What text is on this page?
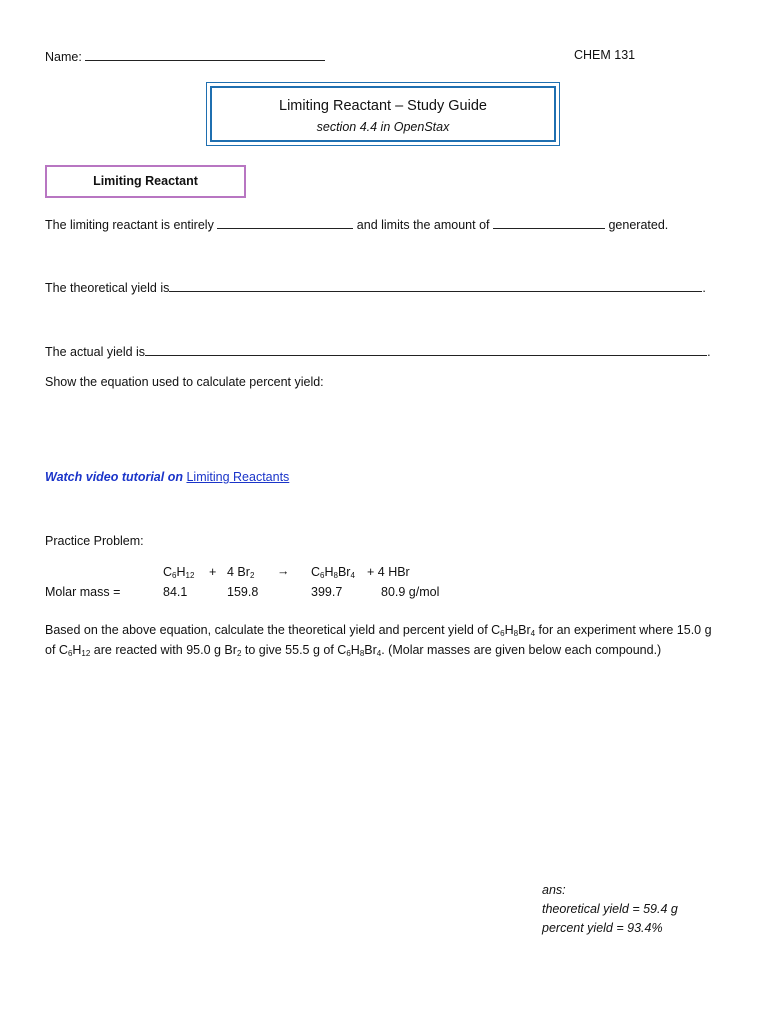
Name:	CHEM 131
Limiting Reactant – Study Guide
section 4.4 in OpenStax
Limiting Reactant
The limiting reactant is entirely	and limits the amount of	generated.
The theoretical yield is	.
The actual yield is	.
Show the equation used to calculate percent yield:
Watch video tutorial on Limiting Reactants
Practice Problem:
$C_6H_{12} + 4$ $Br_2 \to C_6H_8Br_4 + 4$ HBr
Molar mass =	84.1	159.8	399.7	80.9 g/mol
Based on the above equation, calculate the theoretical yield and percent yield of $C_6H_8Br_4$ for an experiment where 15.0 g of $C_6H_{12}$ are reacted with 95.0 g $Br_2$ to give 55.5 g of $C_6H_8Br_4$. (Molar masses are given below each compound.)
ans:
theoretical yield = 59.4 g
percent yield = 93.4%
